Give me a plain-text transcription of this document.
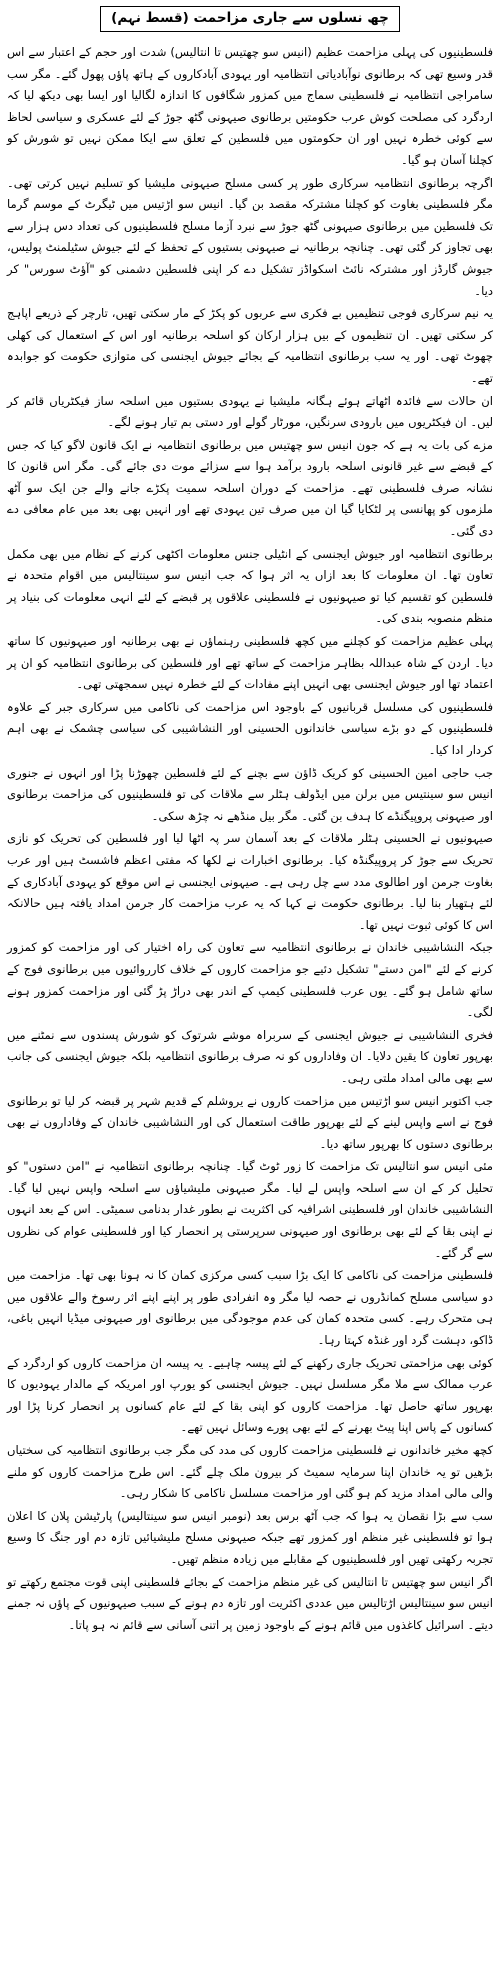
چھ نسلوں سے جاری مزاحمت (قسط نہم)

فلسطینیوں کی پہلی مزاحمت عظیم (انیس سو چھتیس تا انتالیس) شدت اور حجم کے اعتبار سے اس قدر وسیع تھی کہ برطانوی نوآبادیاتی انتظامیہ اور یہودی آبادکاروں کے ہاتھ پاؤں پھول گئے۔ مگر سب سامراجی انتظامیہ نے فلسطینی سماج میں کمزور شگافوں کا اندازہ لگالیا اور ایسا بھی دیکھ لیا کہ اردگرد کی مصلحت کوش عرب حکومتیں برطانوی صیہونی گٹھ جوڑ کے لئے عسکری و سیاسی لحاظ سے کوئی خطرہ نہیں اور ان حکومتوں میں فلسطین کے تعلق سے ایکا ممکن نہیں تو شورش کو کچلنا آسان ہو گیا۔

اگرچہ برطانوی انتظامیہ سرکاری طور پر کسی مسلح صیہونی ملیشیا کو تسلیم نہیں کرتی تھی۔ مگر فلسطینی بغاوت کو کچلنا مشترکہ مقصد بن گیا۔ انیس سو اڑتیس میں ٹیگرٹ کے موسم گرما تک فلسطین میں برطانوی صیہونی گٹھ جوڑ سے نبرد آزما مسلح فلسطینیوں کی تعداد دس ہزار سے بھی تجاوز کر گئی تھی۔ چنانچہ برطانیہ نے صیہونی بستیوں کے تحفظ کے لئے جیوش سٹیلمنٹ پولیس، جیوش گارڈز اور مشترکہ نائٹ اسکواڈز تشکیل دے کر اپنی فلسطین دشمنی کو "آؤٹ سورس" کر دیا۔

یہ نیم سرکاری فوجی تنظیمیں بے فکری سے عربوں کو پکڑ کے مار سکتی تھیں، تارچر کے ذریعے اپاہج کر سکتی تھیں۔ ان تنظیموں کے بیں ہزار ارکان کو اسلحہ برطانیہ اور اس کے استعمال کی کھلی چھوٹ تھی۔ اور یہ سب برطانوی انتظامیہ کے بجائے جیوش ایجنسی کی متوازی حکومت کو جوابدہ تھے۔

ان حالات سے فائدہ اٹھاتے ہوئے ہگانہ ملیشیا نے یہودی بستیوں میں اسلحہ ساز فیکٹریاں قائم کر لیں۔ ان فیکٹریوں میں بارودی سرنگیں، مورٹار گولے اور دستی بم تیار ہونے لگے۔

مزے کی بات یہ ہے کہ جون انیس سو چھتیس میں برطانوی انتظامیہ نے ایک قانون لاگو کیا کہ جس کے قبضے سے غیر قانونی اسلحہ بارود برآمد ہوا سے سزائے موت دی جائے گی۔ مگر اس قانون کا نشانہ صرف فلسطینی تھے۔ مزاحمت کے دوران اسلحہ سمیت پکڑے جانے والے جن ایک سو آٹھ ملزموں کو پھانسی پر لٹکایا گیا ان میں صرف تین یہودی تھے اور انہیں بھی بعد میں عام معافی دے دی گئی۔

برطانوی انتظامیہ اور جیوش ایجنسی کے انٹیلی جنس معلومات اکٹھی کرنے کے نظام میں بھی مکمل تعاون تھا۔ ان معلومات کا بعد ازاں یہ اثر ہوا کہ جب انیس سو سینتالیس میں اقوام متحدہ نے فلسطین کو تقسیم کیا تو صیہونیوں نے فلسطینی علاقوں پر قبضے کے لئے انہی معلومات کی بنیاد پر منظم منصوبہ بندی کی۔

پہلی عظیم مزاحمت کو کچلنے میں کچھ فلسطینی رہنماؤں نے بھی برطانیہ اور صیہونیوں کا ساتھ دیا۔ اردن کے شاہ عبداللہ بظاہر مزاحمت کے ساتھ تھے اور فلسطین کی برطانوی انتظامیہ کو ان پر اعتماد تھا اور جیوش ایجنسی بھی انہیں اپنے مفادات کے لئے خطرہ نہیں سمجھتی تھی۔

فلسطینیوں کی مسلسل قربانیوں کے باوجود اس مزاحمت کی ناکامی میں سرکاری جبر کے علاوہ فلسطینیوں کے دو بڑے سیاسی خاندانوں الحسینی اور النشاشیبی کی سیاسی چشمک نے بھی اہم کردار ادا کیا۔

جب حاجی امین الحسینی کو کریک ڈاؤن سے بچنے کے لئے فلسطین چھوڑنا پڑا اور انہوں نے جنوری انیس سو سینتیس میں برلن میں ایڈولف ہٹلر سے ملاقات کی تو فلسطینیوں کی مزاحمت برطانوی اور صیہونی پروپیگنڈے کا ہدف بن گئی۔ مگر بیل منڈھے نہ چڑھ سکی۔

صیہونیوں نے الحسینی ہٹلر ملاقات کے بعد آسمان سر پہ اٹھا لیا اور فلسطین کی تحریک کو نازی تحریک سے جوڑ کر پروپیگنڈہ کیا۔ برطانوی اخبارات نے لکھا کہ مفتی اعظم فاشسٹ ہیں اور عرب بغاوت جرمن اور اطالوی مدد سے چل رہی ہے۔ صیہونی ایجنسی نے اس موقع کو یہودی آبادکاری کے لئے ہتھیار بنا لیا۔ برطانوی حکومت نے کہا کہ یہ عرب مزاحمت کار جرمن امداد یافتہ ہیں حالانکہ اس کا کوئی ثبوت نہیں تھا۔

جبکہ النشاشیبی خاندان نے برطانوی انتظامیہ سے تعاون کی راہ اختیار کی اور مزاحمت کو کمزور کرنے کے لئے "امن دستے" تشکیل دئیے جو مزاحمت کاروں کے خلاف کارروائیوں میں برطانوی فوج کے ساتھ شامل ہو گئے۔ یوں عرب فلسطینی کیمپ کے اندر بھی دراڑ پڑ گئی اور مزاحمت کمزور ہونے لگی۔

فخری النشاشیبی نے جیوش ایجنسی کے سربراہ موشے شرتوک کو شورش پسندوں سے نمٹنے میں بھرپور تعاون کا یقین دلایا۔ ان وفاداروں کو نہ صرف برطانوی انتظامیہ بلکہ جیوش ایجنسی کی جانب سے بھی مالی امداد ملتی رہی۔

جب اکتوبر انیس سو اڑتیس میں مزاحمت کاروں نے یروشلم کے قدیم شہر پر قبضہ کر لیا تو برطانوی فوج نے اسے واپس لینے کے لئے بھرپور طاقت استعمال کی اور النشاشیبی خاندان کے وفاداروں نے بھی برطانوی دستوں کا بھرپور ساتھ دیا۔

مئی انیس سو انتالیس تک مزاحمت کا زور ٹوٹ گیا۔ چنانچہ برطانوی انتظامیہ نے "امن دستوں" کو تحلیل کر کے ان سے اسلحہ واپس لے لیا۔ مگر صیہونی ملیشیاؤں سے اسلحہ واپس نہیں لیا گیا۔ النشاشیبی خاندان اور فلسطینی اشرافیہ کی اکثریت نے بطور غدار بدنامی سمیٹی۔ اس کے بعد انہوں نے اپنی بقا کے لئے بھی برطانوی اور صیہونی سرپرستی پر انحصار کیا اور فلسطینی عوام کی نظروں سے گر گئے۔

فلسطینی مزاحمت کی ناکامی کا ایک بڑا سبب کسی مرکزی کمان کا نہ ہونا بھی تھا۔ مزاحمت میں دو سیاسی مسلح کمانڈروں نے حصہ لیا مگر وہ انفرادی طور پر اپنے اپنے اثر رسوخ والے علاقوں میں ہی متحرک رہے۔ کسی متحدہ کمان کی عدم موجودگی میں برطانوی اور صیہونی میڈیا انہیں باغی، ڈاکو، دہشت گرد اور غنڈہ کہتا رہا۔

کوئی بھی مزاحمتی تحریک جاری رکھنے کے لئے پیسہ چاہیے۔ یہ پیسہ ان مزاحمت کاروں کو اردگرد کے عرب ممالک سے ملا مگر مسلسل نہیں۔ جیوش ایجنسی کو یورپ اور امریکہ کے مالدار یہودیوں کا بھرپور ساتھ حاصل تھا۔ مزاحمت کاروں کو اپنی بقا کے لئے عام کسانوں پر انحصار کرنا پڑا اور کسانوں کے پاس اپنا پیٹ بھرنے کے لئے بھی پورے وسائل نہیں تھے۔

کچھ مخیر خاندانوں نے فلسطینی مزاحمت کاروں کی مدد کی مگر جب برطانوی انتظامیہ کی سختیاں بڑھیں تو یہ خاندان اپنا سرمایہ سمیٹ کر بیرون ملک چلے گئے۔ اس طرح مزاحمت کاروں کو ملنے والی مالی امداد مزید کم ہو گئی اور مزاحمت مسلسل ناکامی کا شکار رہی۔

سب سے بڑا نقصان یہ ہوا کہ جب آٹھ برس بعد (نومبر انیس سو سینتالیس) پارٹیشن پلان کا اعلان ہوا تو فلسطینی غیر منظم اور کمزور تھے جبکہ صیہونی مسلح ملیشیائیں تازہ دم اور جنگ کا وسیع تجربہ رکھتی تھیں اور فلسطینیوں کے مقابلے میں زیادہ منظم تھیں۔

اگر انیس سو چھتیس تا انتالیس کی غیر منظم مزاحمت کے بجائے فلسطینی اپنی قوت مجتمع رکھتے تو انیس سو سینتالیس اڑتالیس میں عددی اکثریت اور تازہ دم ہونے کے سبب صیہونیوں کے پاؤں نہ جمنے دیتے۔ اسرائیل کاغذوں میں قائم ہونے کے باوجود زمین پر اتنی آسانی سے قائم نہ ہو پاتا۔
